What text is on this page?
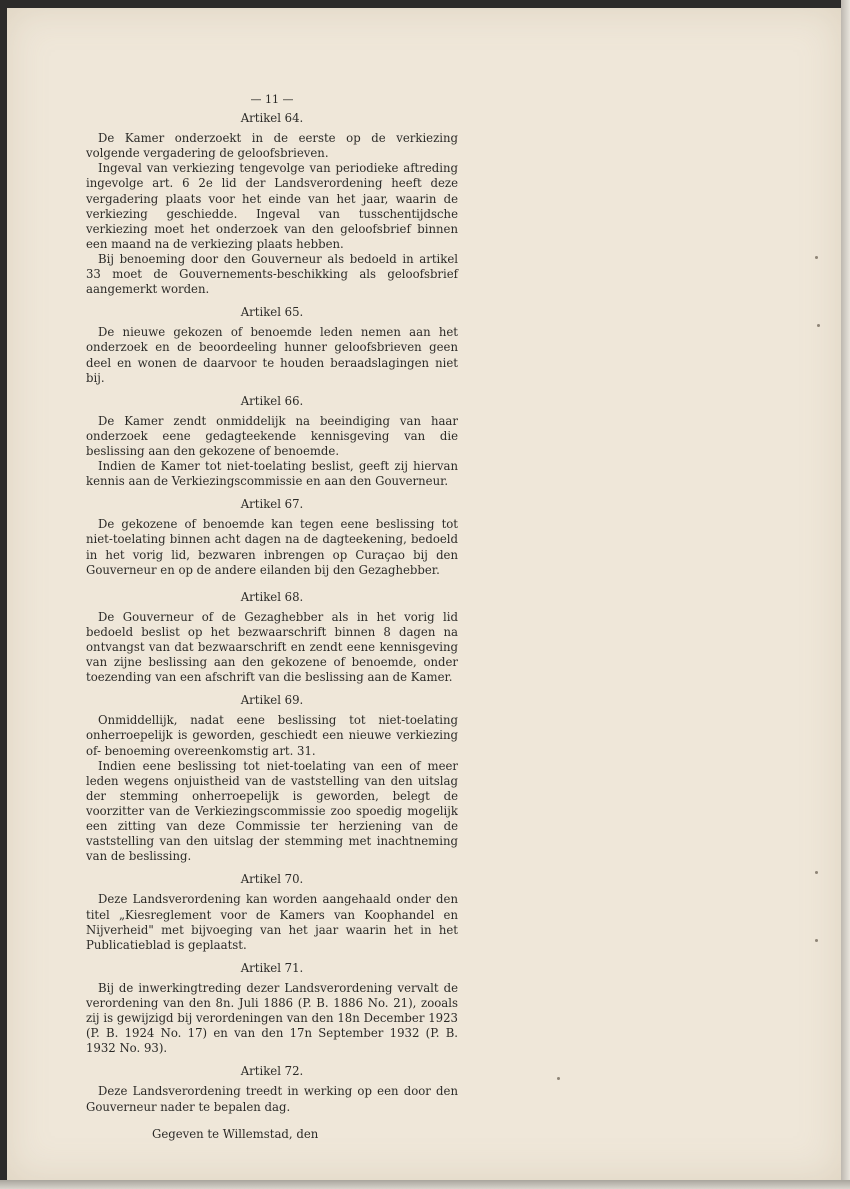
— 11 —

Artikel 64.

De Kamer onderzoekt in de eerste op de verkiezing volgende vergadering de geloofsbrieven.

Ingeval van verkiezing tengevolge van periodieke aftreding ingevolge art. 6 2e lid der Landsverordening heeft deze vergadering plaats voor het einde van het jaar, waarin de verkiezing geschiedde. Ingeval van tusschentijdsche verkiezing moet het onderzoek van den geloofsbrief binnen een maand na de verkiezing plaats hebben.

Bij benoeming door den Gouverneur als bedoeld in artikel 33 moet de Gouvernements-beschikking als geloofsbrief aangemerkt worden.

Artikel 65.

De nieuwe gekozen of benoemde leden nemen aan het onderzoek en de beoordeeling hunner geloofsbrieven geen deel en wonen de daarvoor te houden beraadslagingen niet bij.

Artikel 66.

De Kamer zendt onmiddelijk na beeindiging van haar onderzoek eene gedagteekende kennisgeving van die beslissing aan den gekozene of benoemde.

Indien de Kamer tot niet-toelating beslist, geeft zij hiervan kennis aan de Verkiezingscommissie en aan den Gouverneur.

Artikel 67.

De gekozene of benoemde kan tegen eene beslissing tot niet-toelating binnen acht dagen na de dagteekening, bedoeld in het vorig lid, bezwaren inbrengen op Curaçao bij den Gouverneur en op de andere eilanden bij den Gezaghebber.

Artikel 68.

De Gouverneur of de Gezaghebber als in het vorig lid bedoeld beslist op het bezwaarschrift binnen 8 dagen na ontvangst van dat bezwaarschrift en zendt eene kennisgeving van zijne beslissing aan den gekozene of benoemde, onder toezending van een afschrift van die beslissing aan de Kamer.

Artikel 69.

Onmiddellijk, nadat eene beslissing tot niet-toelating onherroepelijk is geworden, geschiedt een nieuwe verkiezing of- benoeming overeenkomstig art. 31.

Indien eene beslissing tot niet-toelating van een of meer leden wegens onjuistheid van de vaststelling van den uitslag der stemming onherroepelijk is geworden, belegt de voorzitter van de Verkiezingscommissie zoo spoedig mogelijk een zitting van deze Commissie ter herziening van de vaststelling van den uitslag der stemming met inachtneming van de beslissing.

Artikel 70.

Deze Landsverordening kan worden aangehaald onder den titel „Kiesreglement voor de Kamers van Koophandel en Nijverheid" met bijvoeging van het jaar waarin het in het Publicatieblad is geplaatst.

Artikel 71.

Bij de inwerkingtreding dezer Landsverordening vervalt de verordening van den 8n. Juli 1886 (P. B. 1886 No. 21), zooals zij is gewijzigd bij verordeningen van den 18n December 1923 (P. B. 1924 No. 17) en van den 17n September 1932 (P. B. 1932 No. 93).

Artikel 72.

Deze Landsverordening treedt in werking op een door den Gouverneur nader te bepalen dag.

Gegeven te Willemstad, den
